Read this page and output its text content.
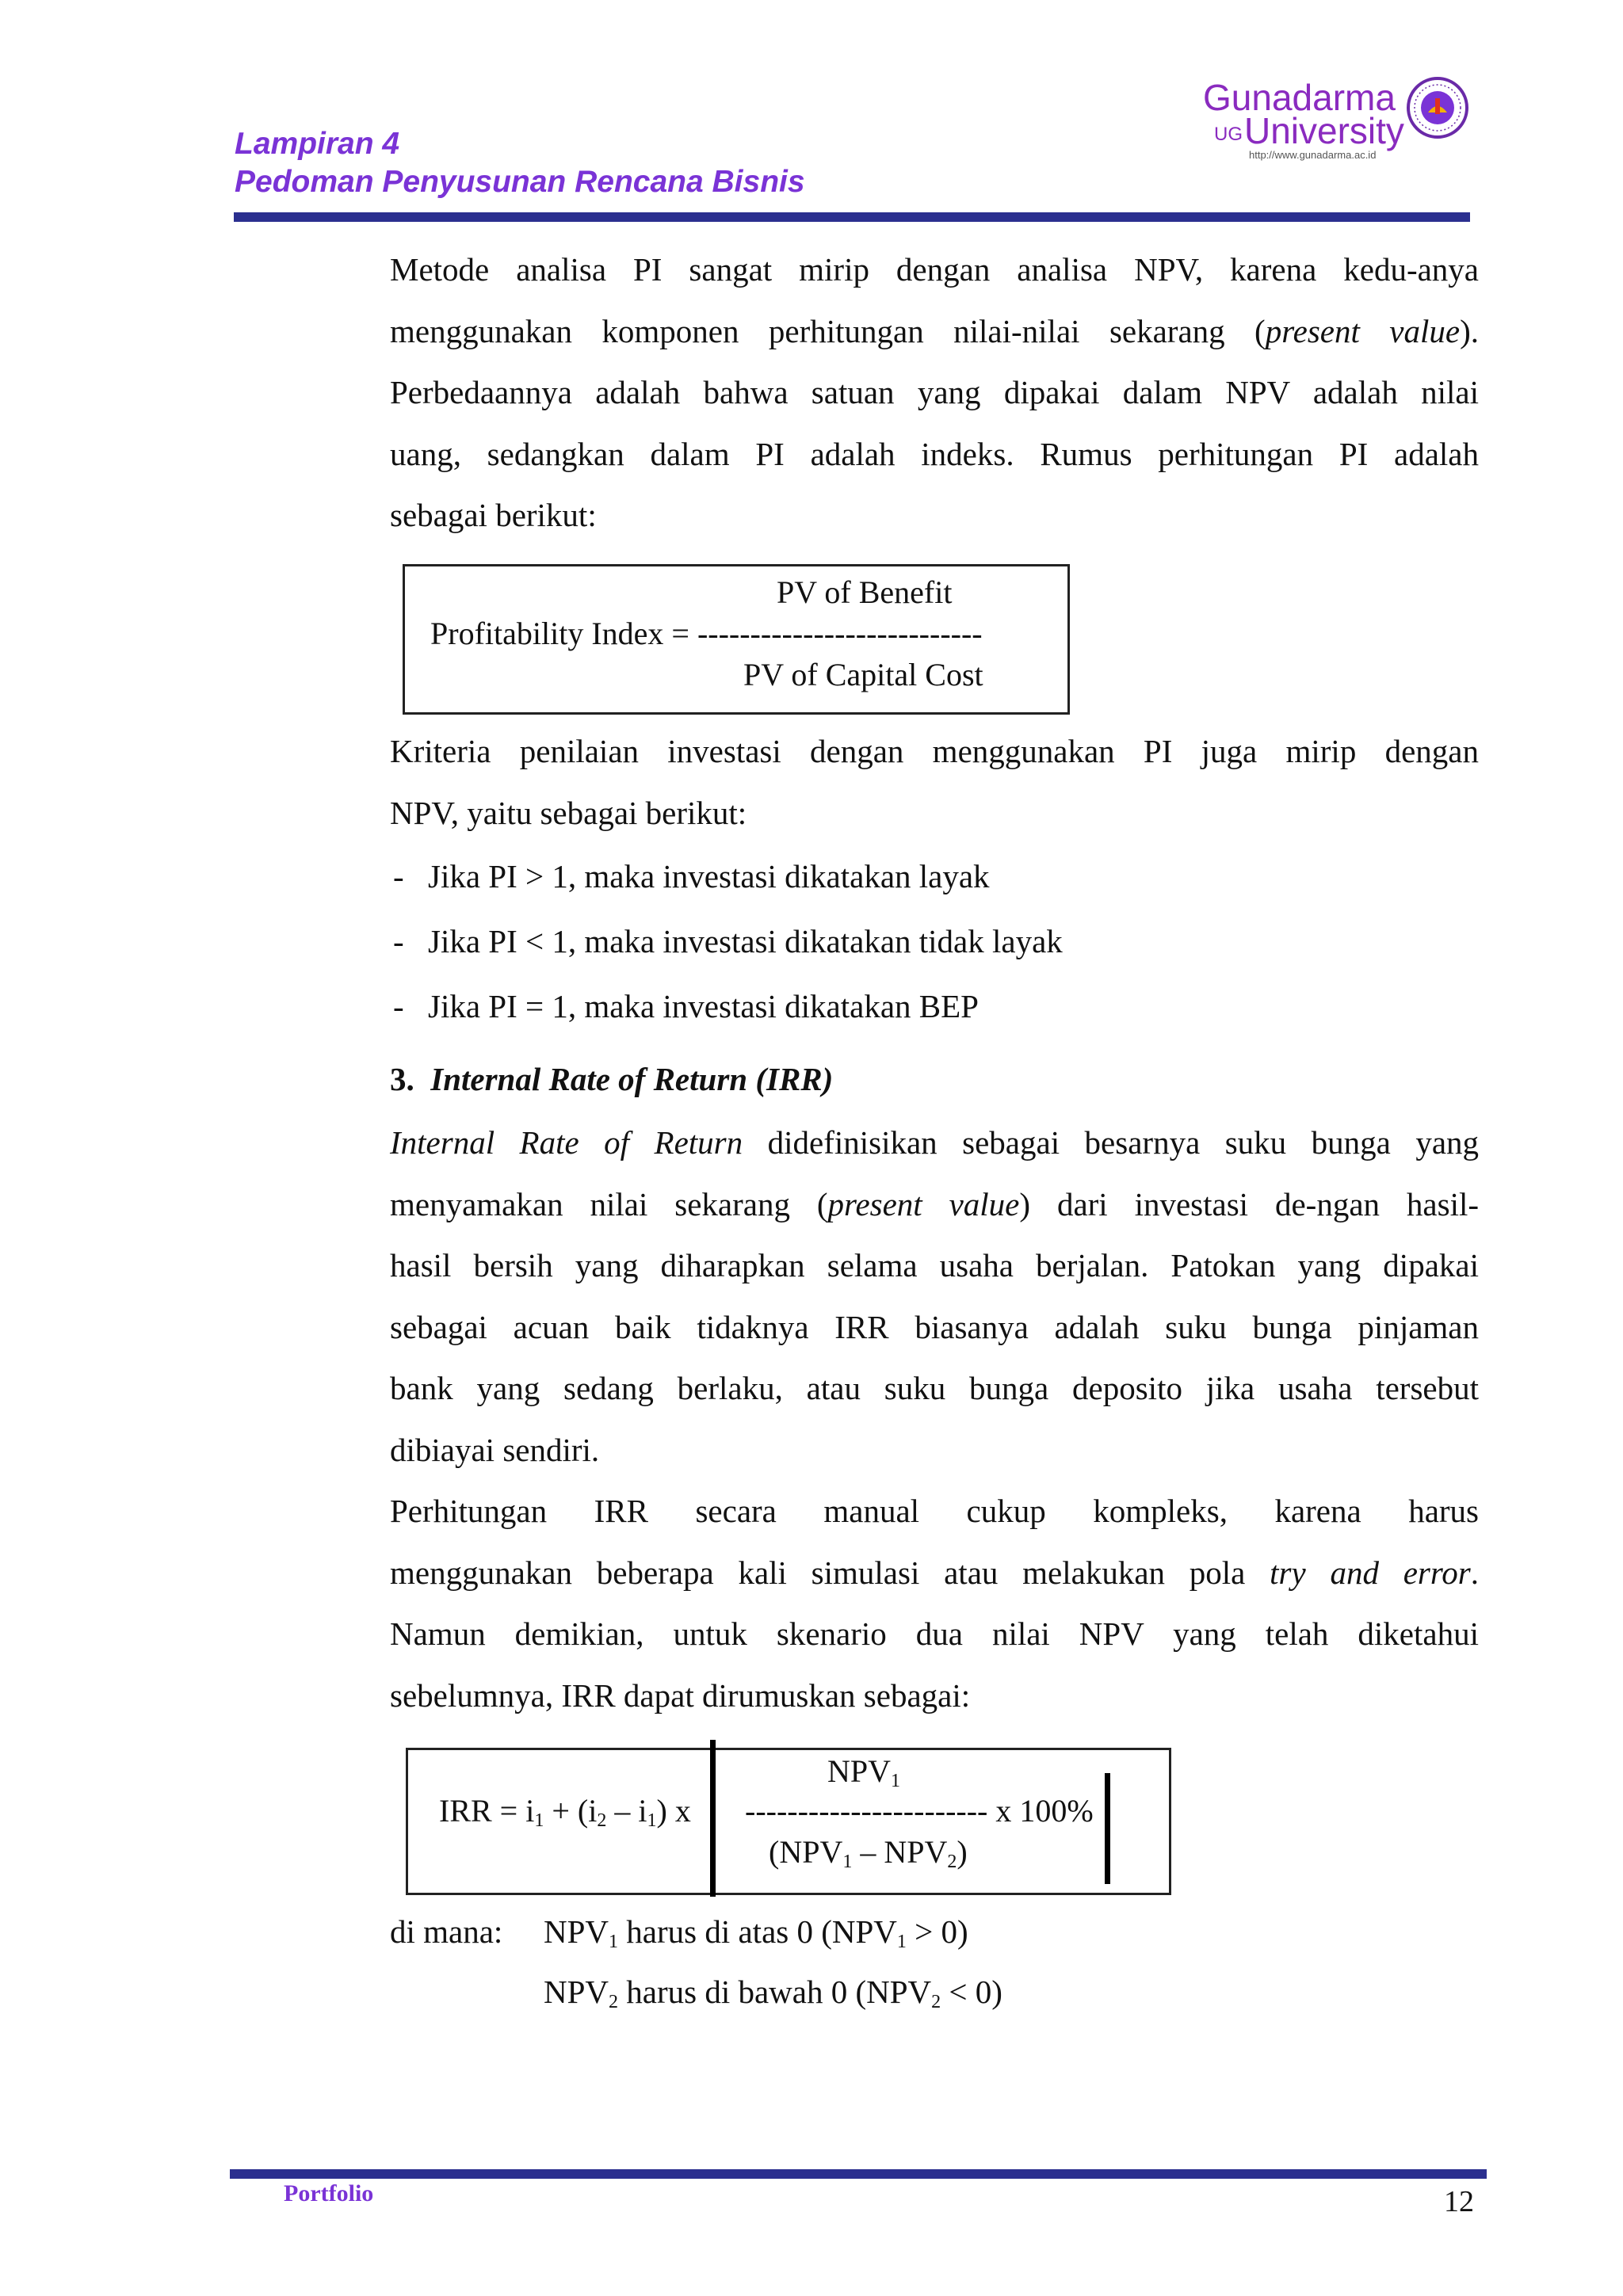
Lampiran 4
Pedoman Penyusunan Rencana Bisnis
Gunadarma
UG University
http://www.gunadarma.ac.id
Metode analisa PI sangat mirip dengan analisa NPV, karena kedu-anya
menggunakan komponen perhitungan nilai-nilai sekarang (present value).
Perbedaannya adalah bahwa satuan yang dipakai dalam NPV adalah nilai
uang, sedangkan dalam PI adalah indeks. Rumus perhitungan PI adalah
sebagai berikut:
PV of Benefit
Profitability Index = ---------------------------
PV of Capital Cost
Kriteria penilaian investasi dengan menggunakan PI juga mirip dengan
NPV, yaitu sebagai berikut:
- Jika PI > 1, maka investasi dikatakan layak
- Jika PI < 1, maka investasi dikatakan tidak layak
- Jika PI = 1, maka investasi dikatakan BEP
3. Internal Rate of Return (IRR)
Internal Rate of Return didefinisikan sebagai besarnya suku bunga yang
menyamakan nilai sekarang (present value) dari investasi de-ngan hasil-
hasil bersih yang diharapkan selama usaha berjalan. Patokan yang dipakai
sebagai acuan baik tidaknya IRR biasanya adalah suku bunga pinjaman
bank yang sedang berlaku, atau suku bunga deposito jika usaha tersebut
dibiayai sendiri.
Perhitungan IRR secara manual cukup kompleks, karena harus
menggunakan beberapa kali simulasi atau melakukan pola try and error.
Namun demikian, untuk skenario dua nilai NPV yang telah diketahui
sebelumnya, IRR dapat dirumuskan sebagai:
$NPV_1$
IRR = $i_1 + (i_2 - i_1)$ x ----------------------- x 100%
$(NPV_1 - NPV_2)$
di mana: $NPV_1$ harus di atas 0 $(NPV_1 > 0)$
$NPV_2$ harus di bawah 0 $(NPV_2 < 0)$
Portfolio	12
